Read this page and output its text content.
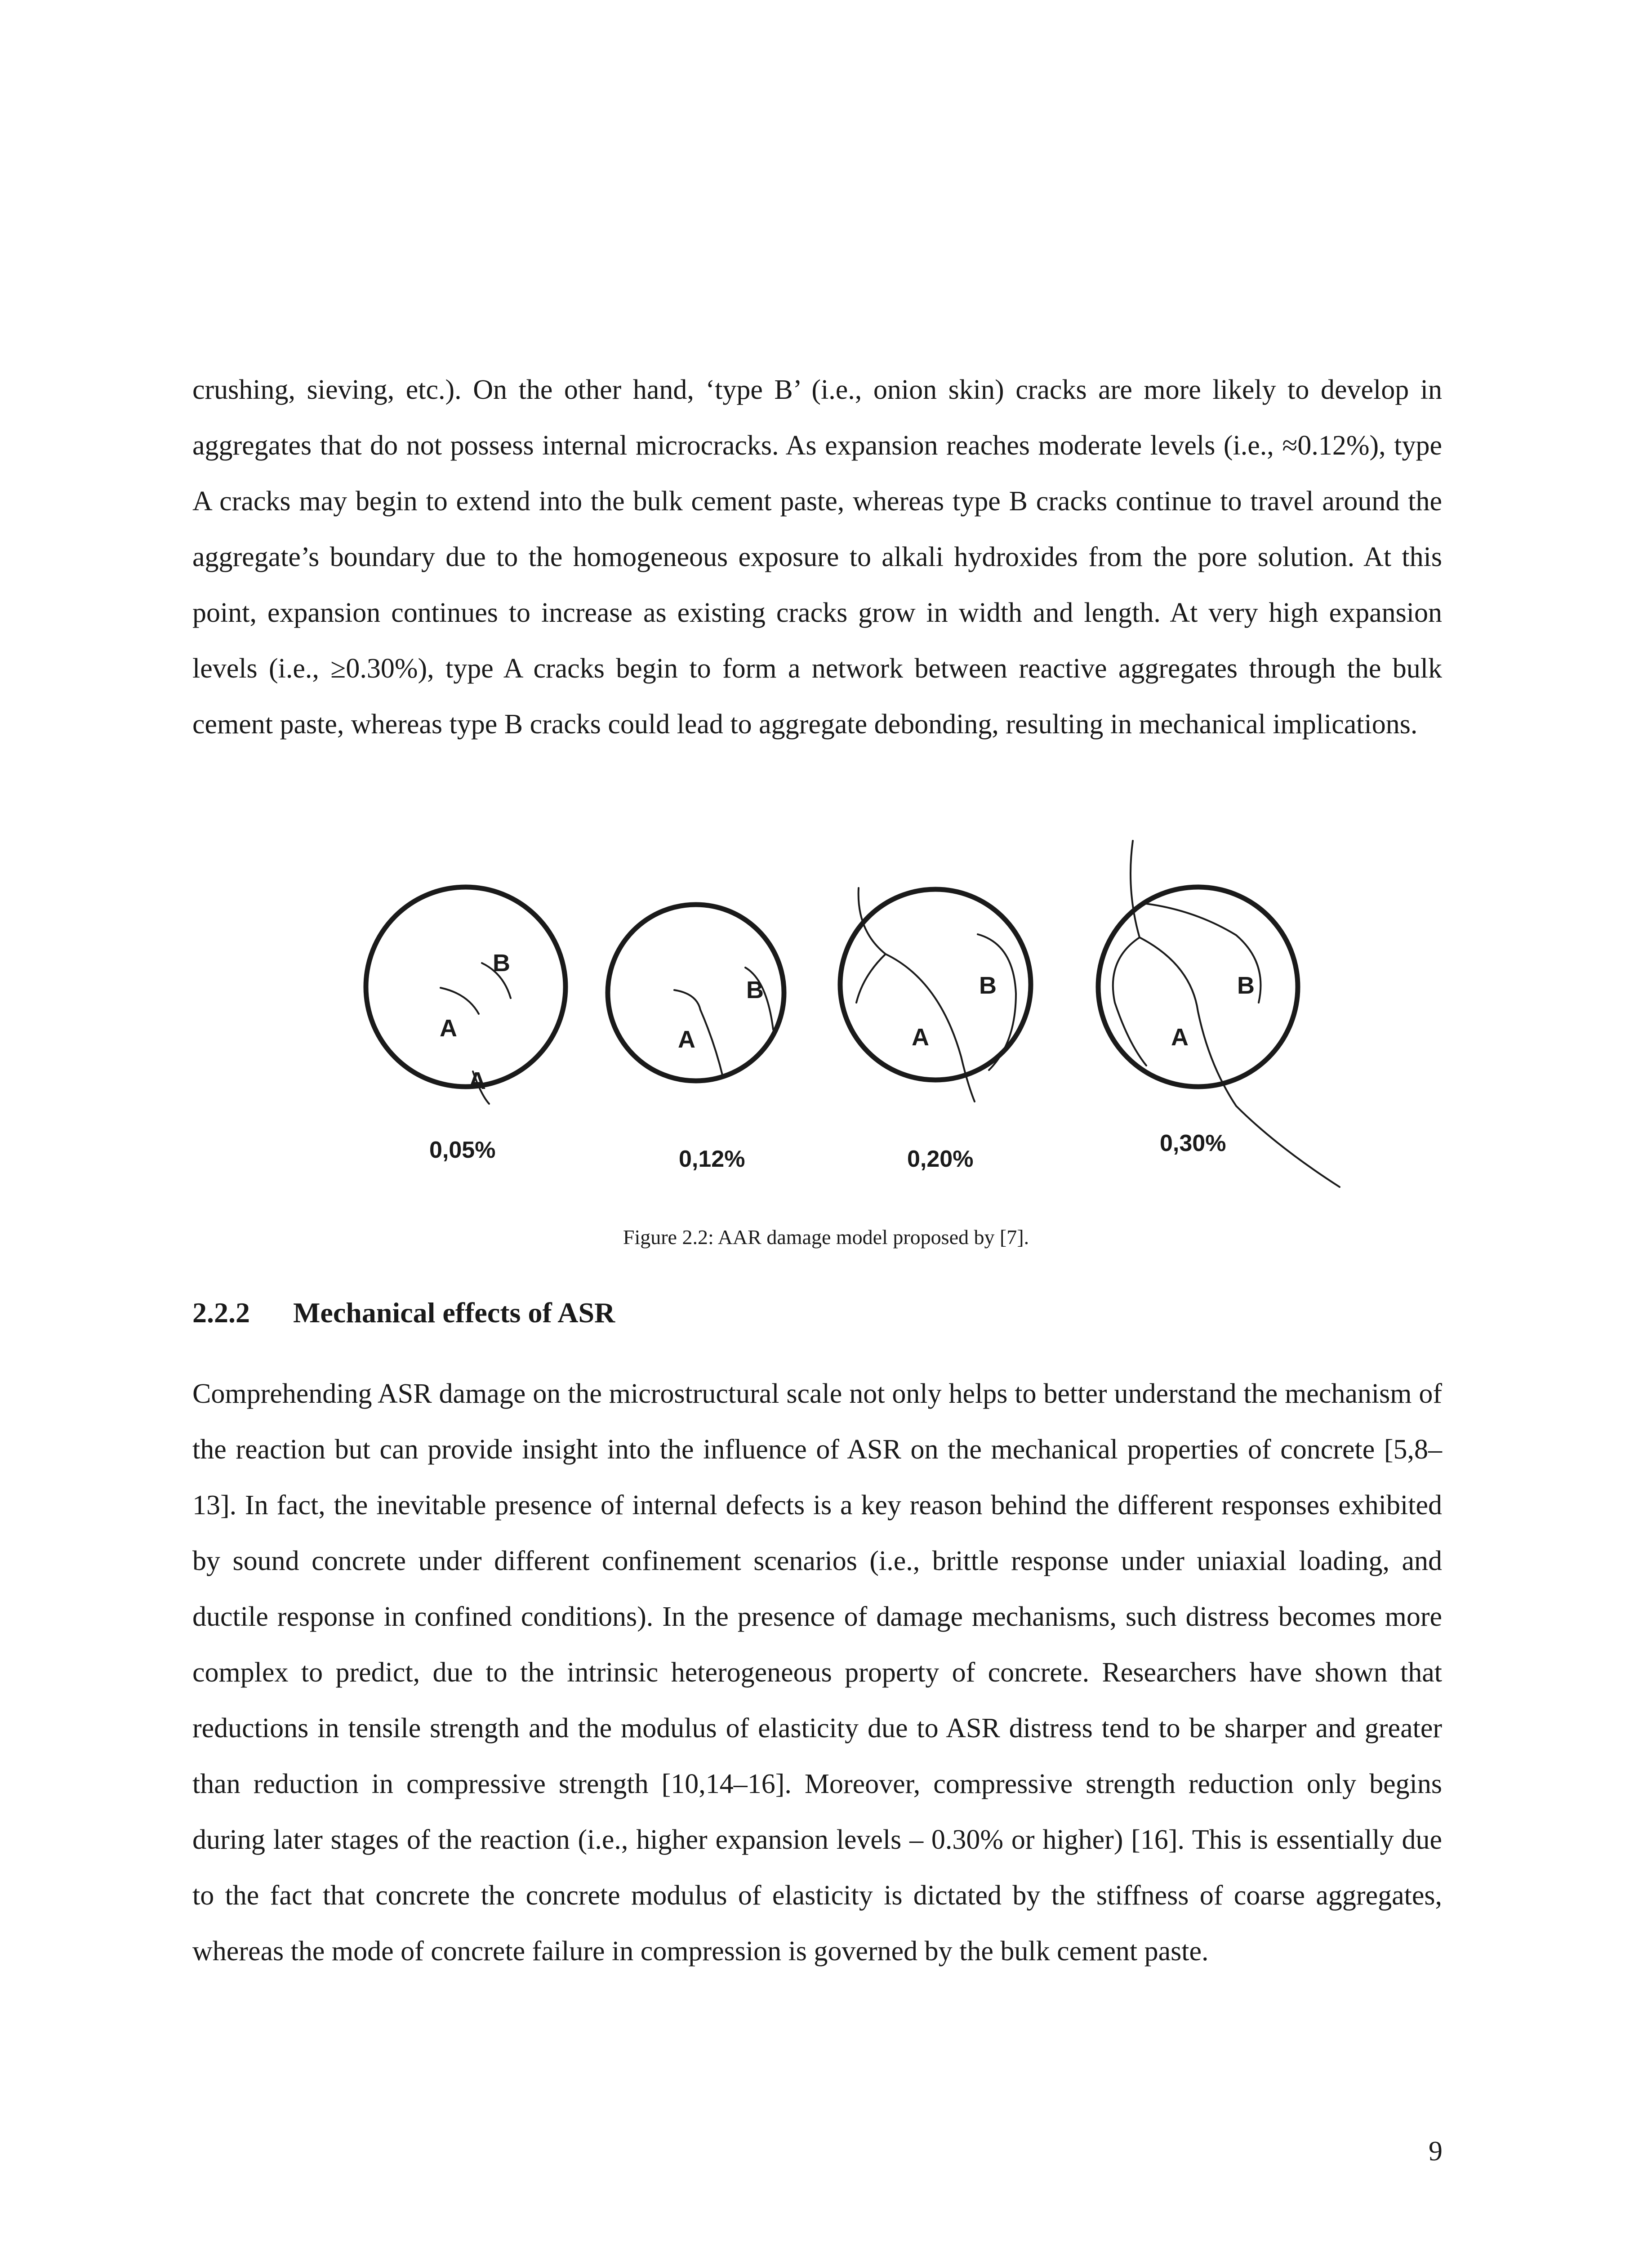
crushing, sieving, etc.). On the other hand, ‘type B’ (i.e., onion skin) cracks are more likely to develop in aggregates that do not possess internal microcracks. As expansion reaches moderate levels (i.e., ≈0.12%), type A cracks may begin to extend into the bulk cement paste, whereas type B cracks continue to travel around the aggregate’s boundary due to the homogeneous exposure to alkali hydroxides from the pore solution. At this point, expansion continues to increase as existing cracks grow in width and length. At very high expansion levels (i.e., ≥0.30%), type A cracks begin to form a network between reactive aggregates through the bulk cement paste, whereas type B cracks could lead to aggregate debonding, resulting in mechanical implications.

B
A
A
0,05%
B
A
0,12%
B
A
0,20%
B
A
0,30%

Figure 2.2: AAR damage model proposed by [7].

2.2.2 Mechanical effects of ASR

Comprehending ASR damage on the microstructural scale not only helps to better understand the mechanism of the reaction but can provide insight into the influence of ASR on the mechanical properties of concrete [5,8–13]. In fact, the inevitable presence of internal defects is a key reason behind the different responses exhibited by sound concrete under different confinement scenarios (i.e., brittle response under uniaxial loading, and ductile response in confined conditions). In the presence of damage mechanisms, such distress becomes more complex to predict, due to the intrinsic heterogeneous property of concrete. Researchers have shown that reductions in tensile strength and the modulus of elasticity due to ASR distress tend to be sharper and greater than reduction in compressive strength [10,14–16]. Moreover, compressive strength reduction only begins during later stages of the reaction (i.e., higher expansion levels – 0.30% or higher) [16]. This is essentially due to the fact that concrete the concrete modulus of elasticity is dictated by the stiffness of coarse aggregates, whereas the mode of concrete failure in compression is governed by the bulk cement paste.

9
